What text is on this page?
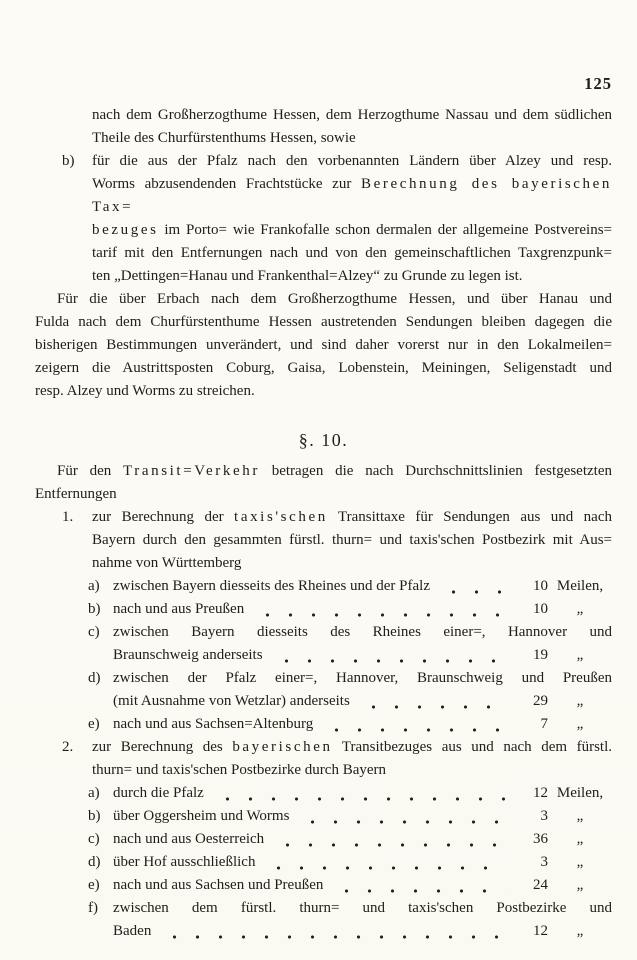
125
nach dem Großherzogthume Hessen, dem Herzogthume Nassau und dem südlichen
Theile des Churfürstenthums Hessen, sowie
b) für die aus der Pfalz nach den vorbenannten Ländern über Alzey und resp.
Worms abzusendenden Frachtstücke zur Berechnung des bayerischen Tax=
bezuges im Porto= wie Frankofalle schon dermalen der allgemeine Postvereins=
tarif mit den Entfernungen nach und von den gemeinschaftlichen Taxgrenzpunk=
ten „Dettingen=Hanau und Frankenthal=Alzey“ zu Grunde zu legen ist.
Für die über Erbach nach dem Großherzogthume Hessen, und über Hanau und
Fulda nach dem Churfürstenthume Hessen austretenden Sendungen bleiben dagegen die
bisherigen Bestimmungen unverändert, und sind daher vorerst nur in den Lokalmeilen=
zeigern die Austrittsposten Coburg, Gaisa, Lobenstein, Meiningen, Seligenstadt und
resp. Alzey und Worms zu streichen.
§. 10.
Für den Transit=Verkehr betragen die nach Durchschnittslinien festgesetzten
Entfernungen
1. zur Berechnung der taxis'schen Transittaxe für Sendungen aus und nach
Bayern durch den gesammten fürstl. thurn= und taxis'schen Postbezirk mit Aus=
nahme von Württemberg
a) zwischen Bayern diesseits des Rheines und der Pfalz	10 Meilen,
b) nach und aus Preußen	10	„
c) zwischen Bayern diesseits des Rheines einer=, Hannover und
Braunschweig anderseits	19	„
d) zwischen der Pfalz einer=, Hannover, Braunschweig und Preußen
(mit Ausnahme von Wetzlar) anderseits	29	„
e) nach und aus Sachsen=Altenburg	7	„
2. zur Berechnung des bayerischen Transitbezuges aus und nach dem fürstl.
thurn= und taxis'schen Postbezirke durch Bayern
a) durch die Pfalz	12 Meilen,
b) über Oggersheim und Worms	3	„
c) nach und aus Oesterreich	36	„
d) über Hof ausschließlich	3	„
e) nach und aus Sachsen und Preußen	24	„
f) zwischen dem fürstl. thurn= und taxis'schen Postbezirke und
Baden	12	„
